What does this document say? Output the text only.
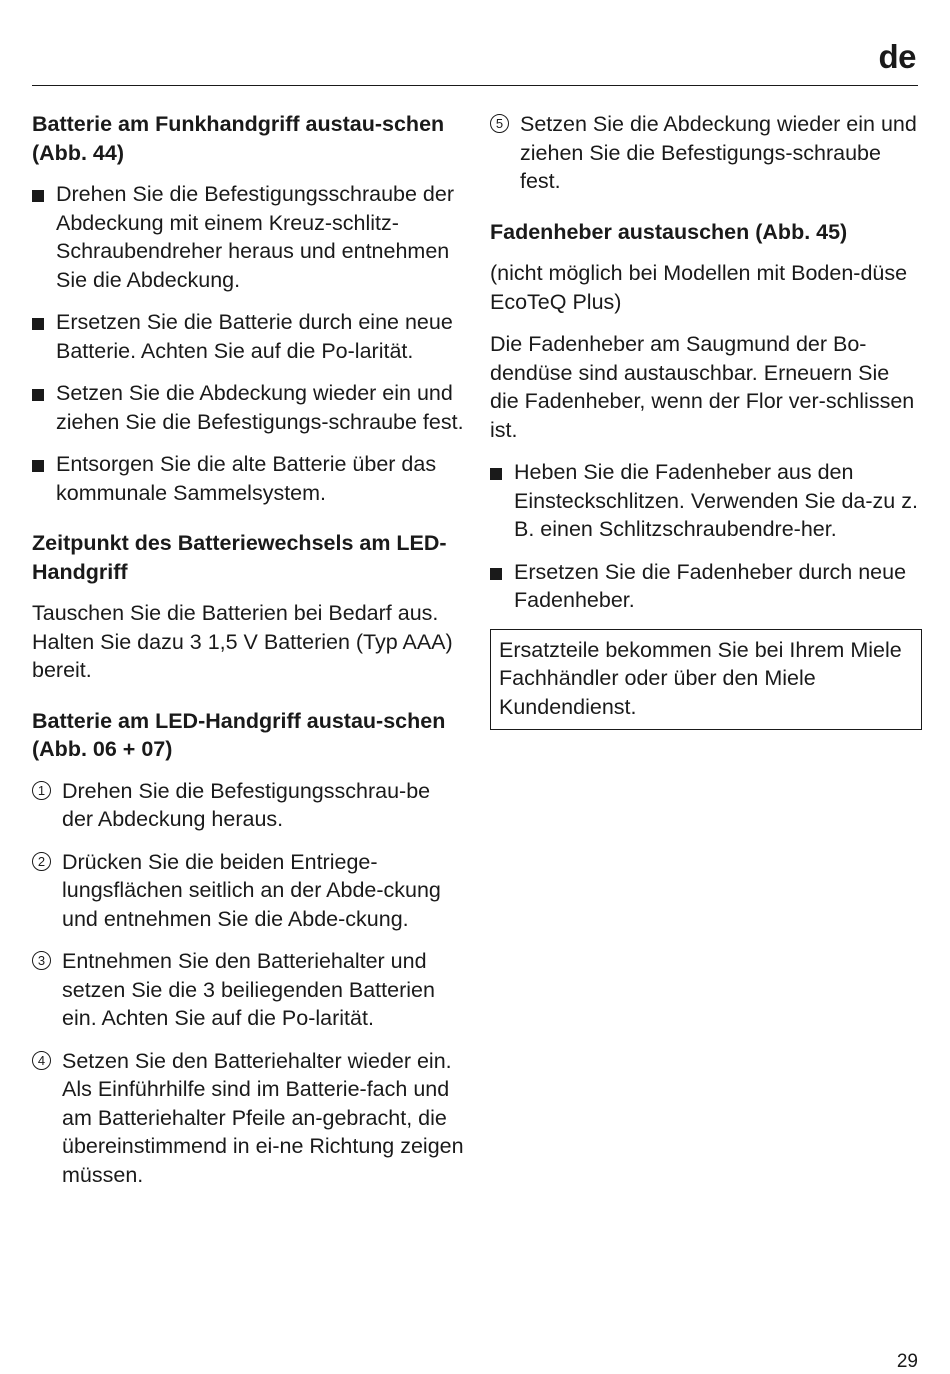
de
Batterie am Funkhandgriff austau-schen (Abb. 44)
Drehen Sie die Befestigungsschraube der Abdeckung mit einem Kreuz-schlitz-Schraubendreher heraus und entnehmen Sie die Abdeckung.
Ersetzen Sie die Batterie durch eine neue Batterie. Achten Sie auf die Po-larität.
Setzen Sie die Abdeckung wieder ein und ziehen Sie die Befestigungs-schraube fest.
Entsorgen Sie die alte Batterie über das kommunale Sammelsystem.
Zeitpunkt des Batteriewechsels am LED-Handgriff

Tauschen Sie die Batterien bei Bedarf aus. Halten Sie dazu 3 1,5 V Batterien (Typ AAA) bereit.

Batterie am LED-Handgriff austau-schen (Abb. 06 + 07)
1 Drehen Sie die Befestigungsschrau-be der Abdeckung heraus.
2 Drücken Sie die beiden Entriege-lungsflächen seitlich an der Abde-ckung und entnehmen Sie die Abde-ckung.
3 Entnehmen Sie den Batteriehalter und setzen Sie die 3 beiliegenden Batterien ein. Achten Sie auf die Po-larität.
4 Setzen Sie den Batteriehalter wieder ein. Als Einführhilfe sind im Batterie-fach und am Batteriehalter Pfeile an-gebracht, die übereinstimmend in ei-ne Richtung zeigen müssen.
5 Setzen Sie die Abdeckung wieder ein und ziehen Sie die Befestigungs-schraube fest.
Fadenheber austauschen (Abb. 45)

(nicht möglich bei Modellen mit Boden-düse EcoTeQ Plus)

Die Fadenheber am Saugmund der Bo-dendüse sind austauschbar. Erneuern Sie die Fadenheber, wenn der Flor ver-schlissen ist.

Heben Sie die Fadenheber aus den Einsteckschlitzen. Verwenden Sie da-zu z. B. einen Schlitzschraubendre-her.
Ersetzen Sie die Fadenheber durch neue Fadenheber.
Ersatzteile bekommen Sie bei Ihrem Miele Fachhändler oder über den Miele Kundendienst.
29
